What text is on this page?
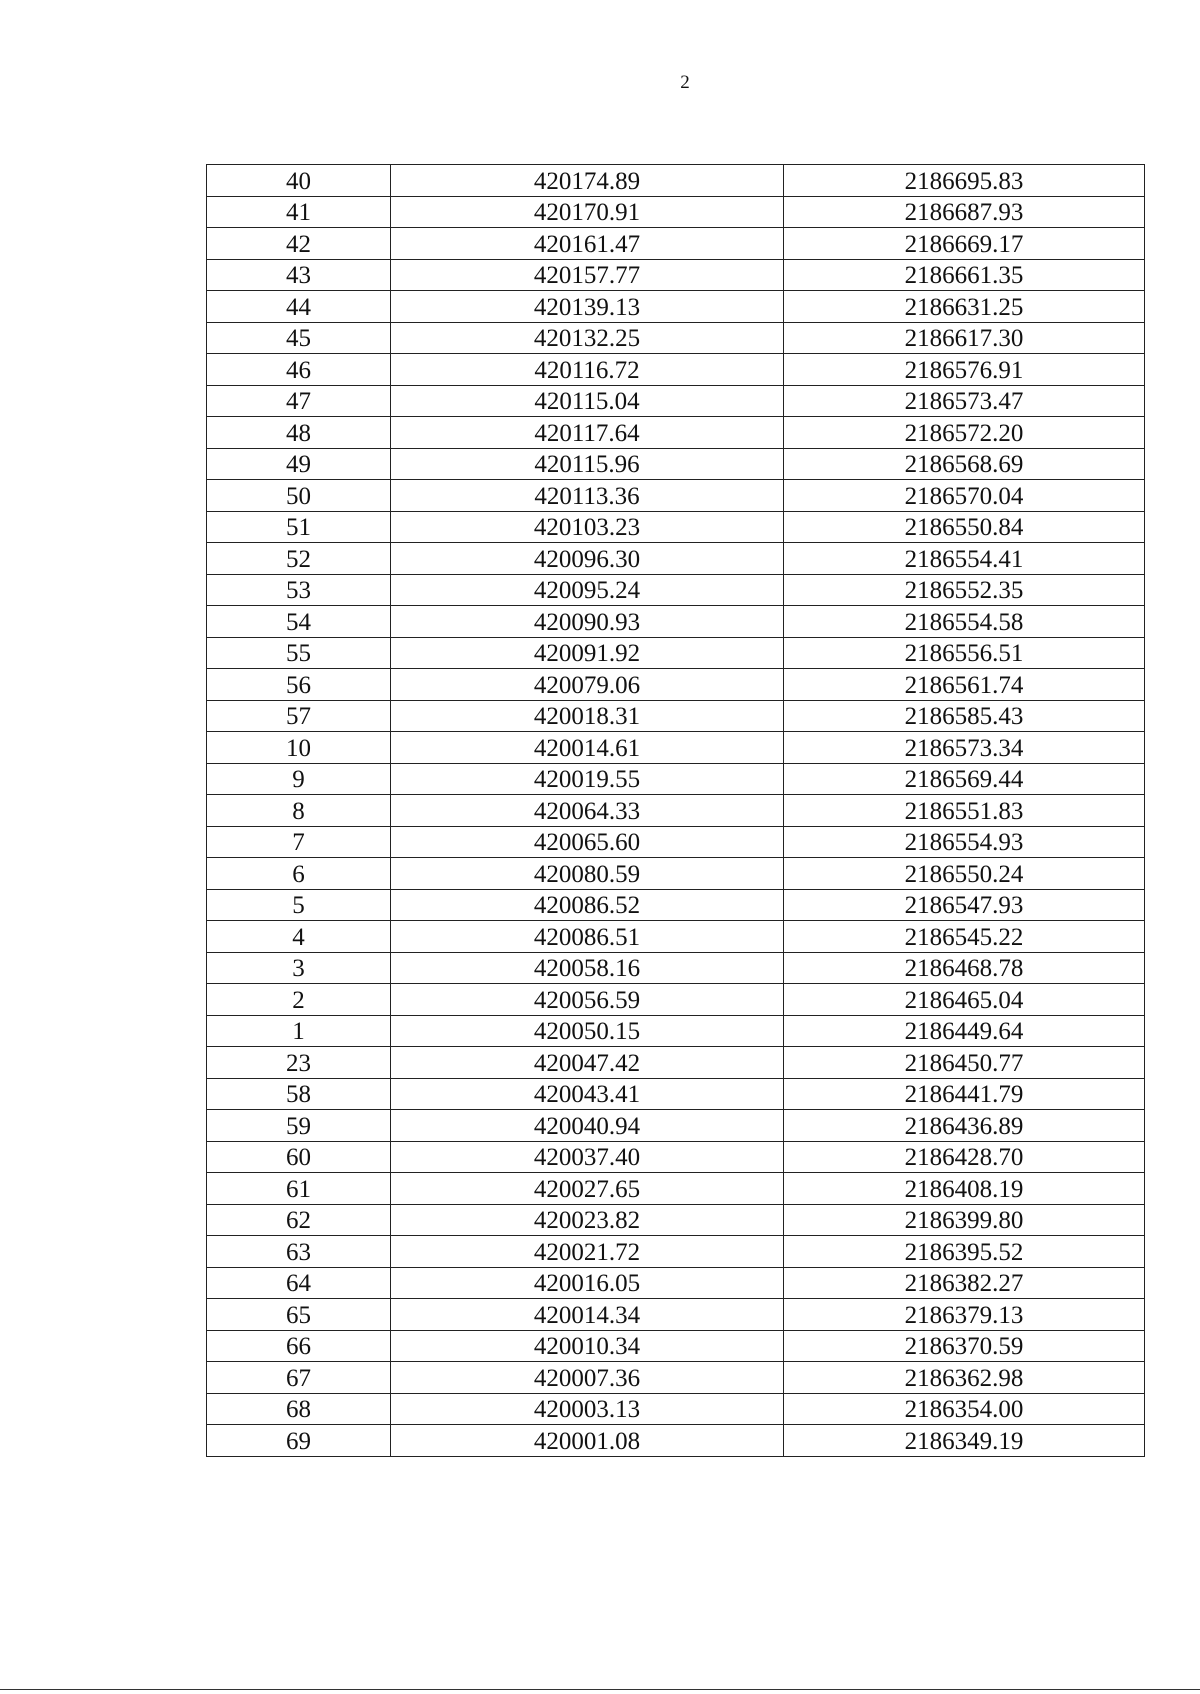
2
40	420174.89	2186695.83
41	420170.91	2186687.93
42	420161.47	2186669.17
43	420157.77	2186661.35
44	420139.13	2186631.25
45	420132.25	2186617.30
46	420116.72	2186576.91
47	420115.04	2186573.47
48	420117.64	2186572.20
49	420115.96	2186568.69
50	420113.36	2186570.04
51	420103.23	2186550.84
52	420096.30	2186554.41
53	420095.24	2186552.35
54	420090.93	2186554.58
55	420091.92	2186556.51
56	420079.06	2186561.74
57	420018.31	2186585.43
10	420014.61	2186573.34
9	420019.55	2186569.44
8	420064.33	2186551.83
7	420065.60	2186554.93
6	420080.59	2186550.24
5	420086.52	2186547.93
4	420086.51	2186545.22
3	420058.16	2186468.78
2	420056.59	2186465.04
1	420050.15	2186449.64
23	420047.42	2186450.77
58	420043.41	2186441.79
59	420040.94	2186436.89
60	420037.40	2186428.70
61	420027.65	2186408.19
62	420023.82	2186399.80
63	420021.72	2186395.52
64	420016.05	2186382.27
65	420014.34	2186379.13
66	420010.34	2186370.59
67	420007.36	2186362.98
68	420003.13	2186354.00
69	420001.08	2186349.19
